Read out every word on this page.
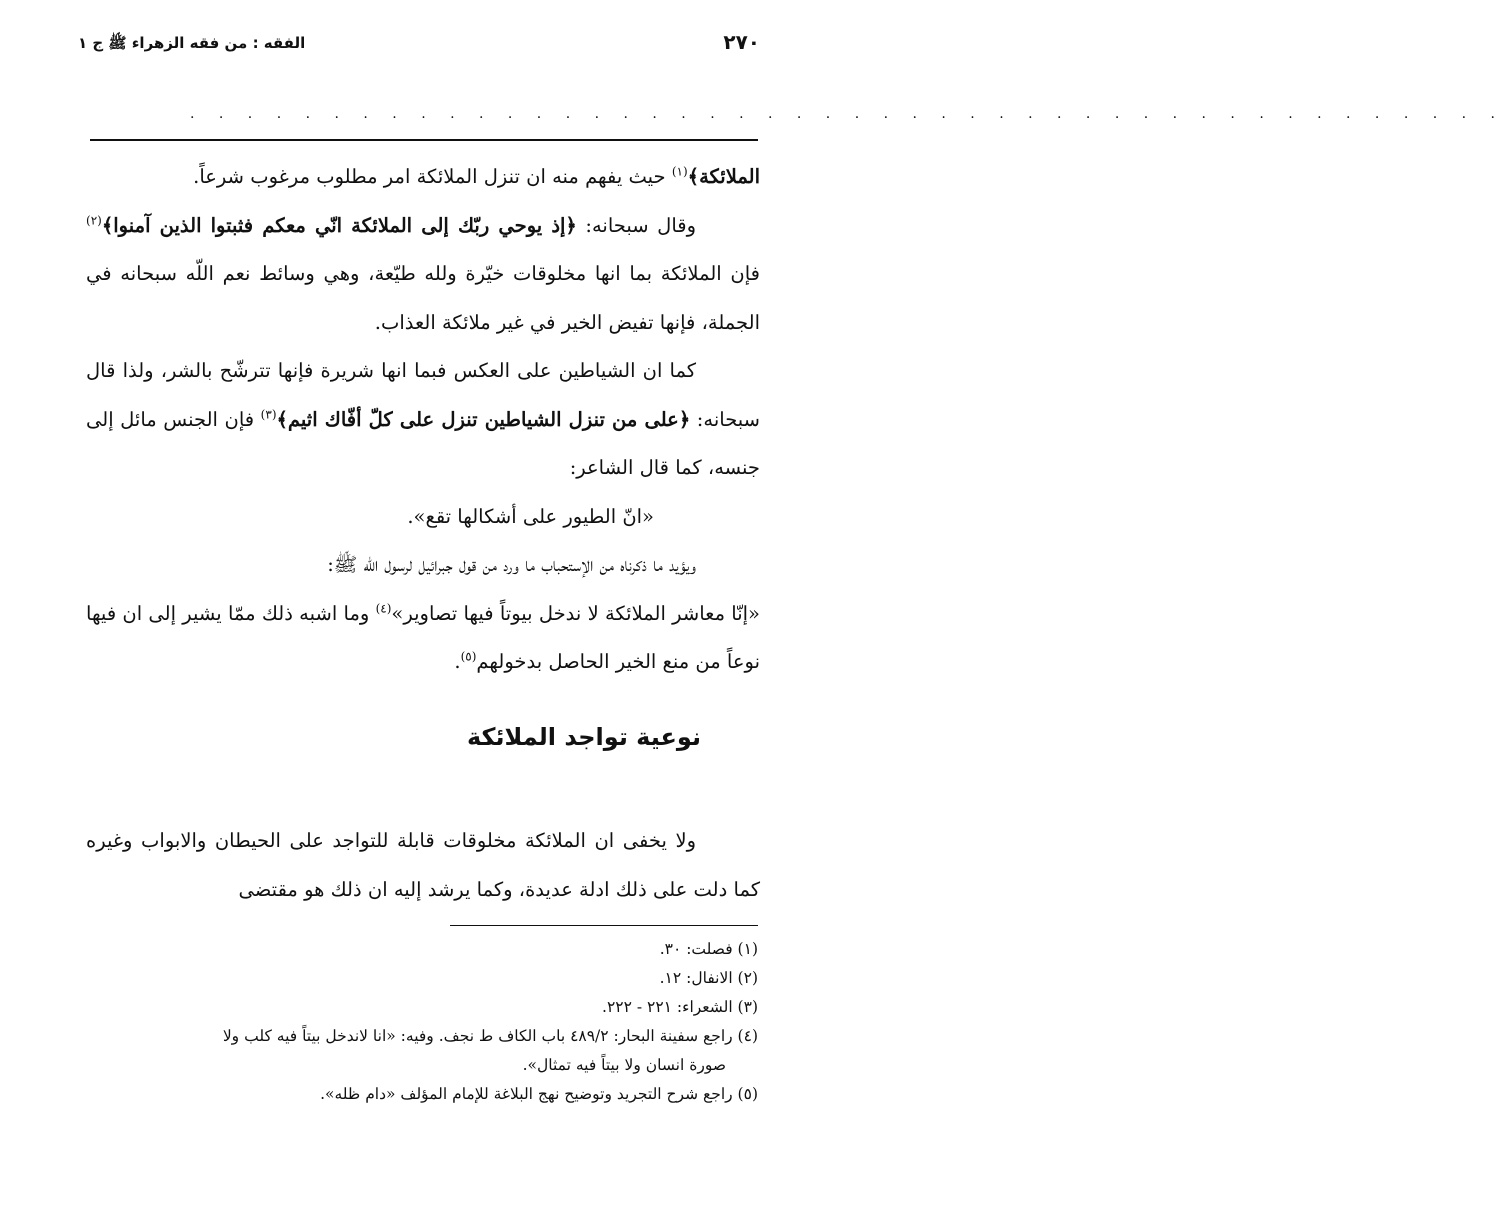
الفقه : من فقه الزهراء ﷺ ج ١	٢٧٠
. . . . . . . . . . . . . . . . . . . . . . . . . . . . . . . . . . . . . . . . . . . . . .

الملائكة﴾$^{(١)}$ حيث يفهم منه ان تنزل الملائكة امر مطلوب مرغوب شرعاً.

وقال سبحانه: ﴿إذ يوحي ربّك إلى الملائكة انّي معكم فثبتوا الذين آمنوا﴾$^{(٢)}$ فإن الملائكة بما انها مخلوقات خيّرة ولله طيّعة، وهي وسائط نعم اللّه سبحانه في الجملة، فإنها تفيض الخير في غير ملائكة العذاب.

كما ان الشياطين على العكس فبما انها شريرة فإنها تترشّح بالشر، ولذا قال سبحانه: ﴿على من تنزل الشياطين تنزل على كلّ أفّاك اثيم﴾$^{(٣)}$ فإن الجنس مائل إلى جنسه، كما قال الشاعر:

«انّ الطيور على أشكالها تقع».

ويؤيد ما ذكرناه من الإستحباب ما ورد من قول جبرائيل لرسول اللّه ﷺ:

«إنّا معاشر الملائكة لا ندخل بيوتاً فيها تصاوير»$^{(٤)}$ وما اشبه ذلك ممّا يشير إلى ان فيها نوعاً من منع الخير الحاصل بدخولهم$^{(٥)}$.

نوعية تواجد الملائكة

ولا يخفى ان الملائكة مخلوقات قابلة للتواجد على الحيطان والابواب وغيره كما دلت على ذلك ادلة عديدة، وكما يرشد إليه ان ذلك هو مقتضى

(١) فصلت: ٣٠.

(٢) الانفال: ١٢.

(٣) الشعراء: ٢٢١ - ٢٢٢.

(٤) راجع سفينة البحار: ٤٨٩/٢ باب الكاف ط نجف. وفيه: «انا لاندخل بيتاً فيه كلب ولا

صورة انسان ولا بيتاً فيه تمثال».

(٥) راجع شرح التجريد وتوضيح نهج البلاغة للإمام المؤلف «دام ظله».
